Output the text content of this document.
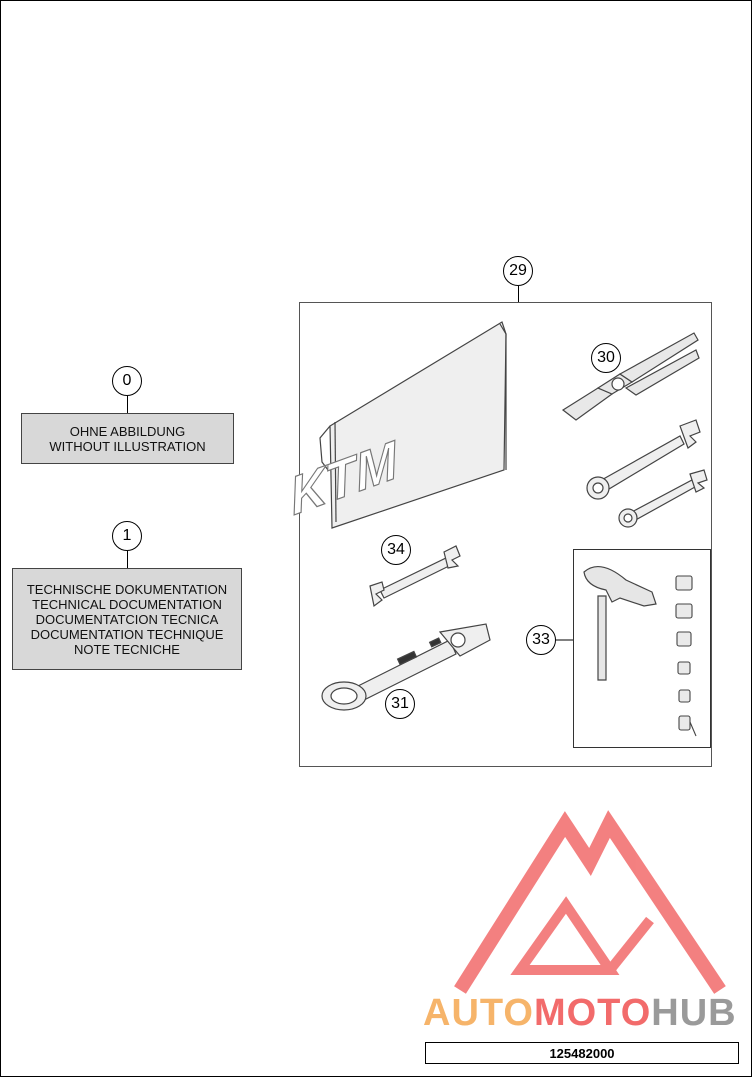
0
OHNE ABBILDUNG
WITHOUT ILLUSTRATION
1
TECHNISCHE DOKUMENTATION
TECHNICAL DOCUMENTATION
DOCUMENTATCION TECNICA
DOCUMENTATION TECHNIQUE
NOTE TECNICHE
29
KTM
30
34
31
33
AUTOMOTOHUB
125482000
